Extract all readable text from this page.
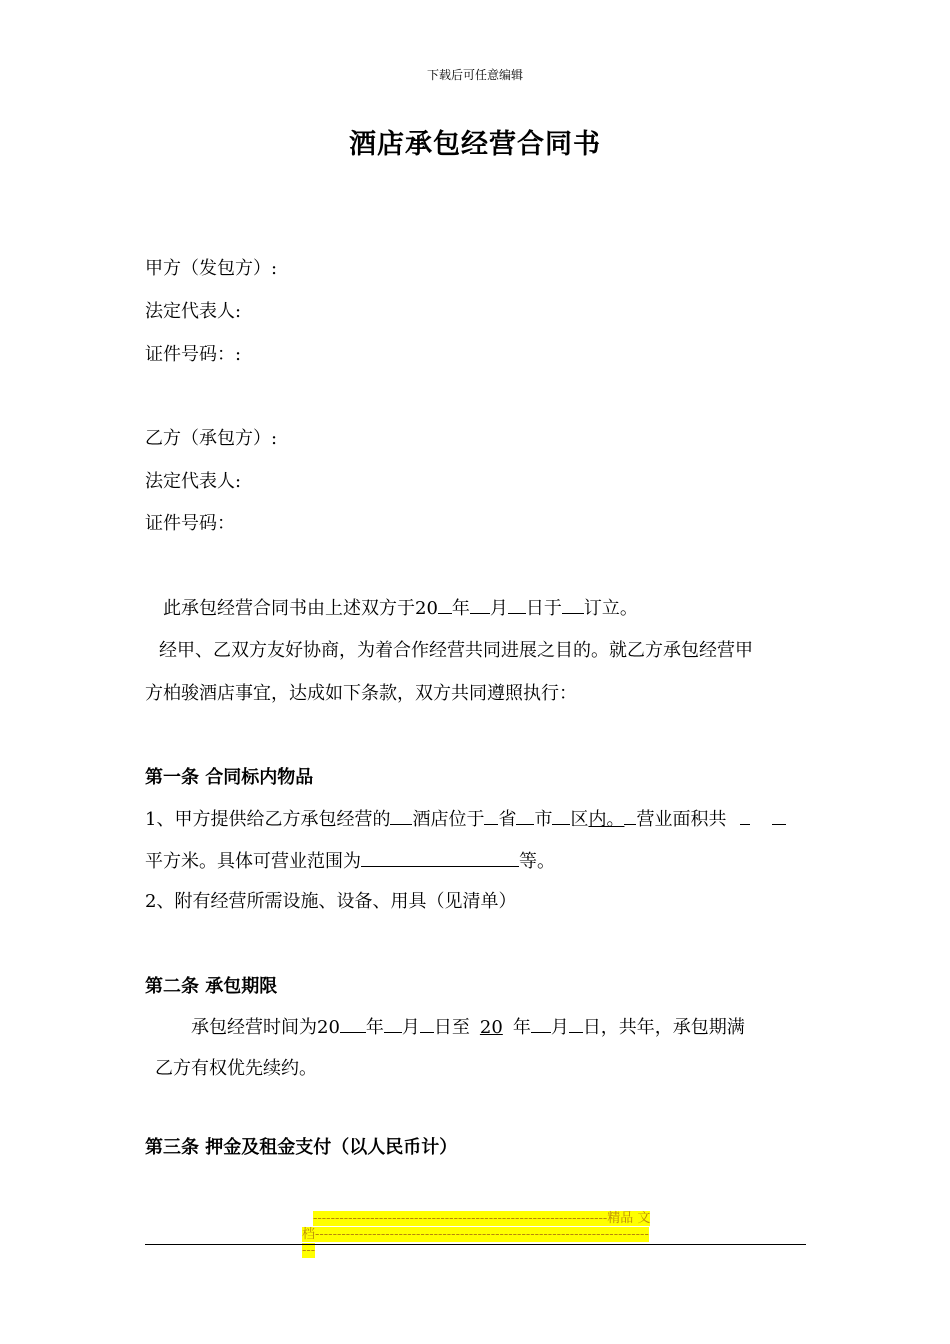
下载后可任意编辑
酒店承包经营合同书
甲方（发包方）:
法定代表人:
证件号码：:
乙方（承包方）:
法定代表人:
证件号码：
此承包经营合同书由上述双方于20 年 月 日于 订立。
经甲、乙双方友好协商，为着合作经营共同进展之目的。就乙方承包经营甲
方柏骏酒店事宜，达成如下条款，双方共同遵照执行：
第一条 合同标内物品
1、甲方提供给乙方承包经营的 酒店位于 省 市 区内。 营业面积共
平方米。具体可营业范围为	等。
2、附有经营所需设施、设备、用具（见清单）
第二条 承包期限
承包经营时间为20 年 月 日至 20 年 月 日，共年，承包期满
乙方有权优先续约。
第三条 押金及租金支付（以人民币计）
-------------------------------------------------------------------精品 文
档-------------------------------------------------------------------------------
